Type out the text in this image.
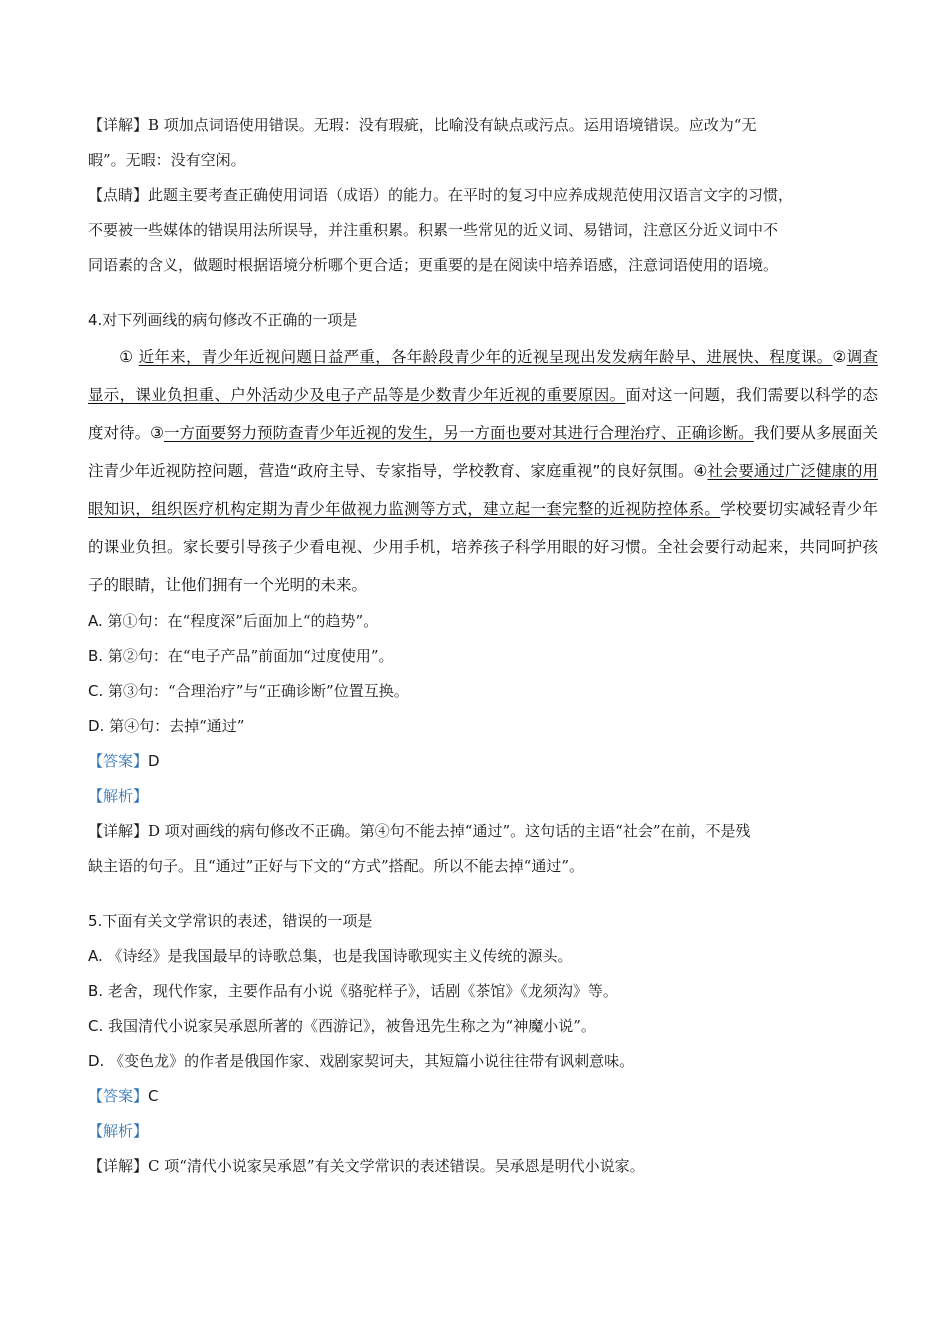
【详解】B 项加点词语使用错误。无瑕：没有瑕疵，比喻没有缺点或污点。运用语境错误。应改为“无

暇”。无暇：没有空闲。

【点睛】此题主要考查正确使用词语（成语）的能力。在平时的复习中应养成规范使用汉语言文字的习惯，

不要被一些媒体的错误用法所误导，并注重积累。积累一些常见的近义词、易错词，注意区分近义词中不

同语素的含义，做题时根据语境分析哪个更合适；更重要的是在阅读中培养语感，注意词语使用的语境。

4.对下列画线的病句修改不正确的一项是

① 近年来，青少年近视问题日益严重，各年龄段青少年的近视呈现出发发病年龄早、进展快、程度课。②调查显示，课业负担重、户外活动少及电子产品等是少数青少年近视的重要原因。面对这一问题，我们需要以科学的态度对待。③一方面要努力预防查青少年近视的发生，另一方面也要对其进行合理治疗、正确诊断。我们要从多展面关注青少年近视防控问题，营造“政府主导、专家指导，学校教育、家庭重视”的良好氛围。④社会要通过广泛健康的用眼知识，组织医疗机构定期为青少年做视力监测等方式，建立起一套完整的近视防控体系。学校要切实减轻青少年的课业负担。家长要引导孩子少看电视、少用手机，培养孩子科学用眼的好习惯。全社会要行动起来，共同呵护孩子的眼睛，让他们拥有一个光明的未来。

A. 第①句：在“程度深”后面加上“的趋势”。

B. 第②句：在“电子产品”前面加“过度使用”。

C. 第③句：“合理治疗”与“正确诊断”位置互换。

D. 第④句：去掉“通过”

【答案】D

【解析】

【详解】D 项对画线的病句修改不正确。第④句不能去掉“通过”。这句话的主语“社会”在前，不是残

缺主语的句子。且“通过”正好与下文的“方式”搭配。所以不能去掉“通过”。

5.下面有关文学常识的表述，错误的一项是

A. 《诗经》是我国最早的诗歌总集，也是我国诗歌现实主义传统的源头。

B. 老舍，现代作家，主要作品有小说《骆驼样子》，话剧《茶馆》《龙须沟》等。

C. 我国清代小说家吴承恩所著的《西游记》，被鲁迅先生称之为“神魔小说”。

D. 《变色龙》的作者是俄国作家、戏剧家契诃夫，其短篇小说往往带有讽刺意味。

【答案】C

【解析】

【详解】C 项“清代小说家吴承恩”有关文学常识的表述错误。吴承恩是明代小说家。
